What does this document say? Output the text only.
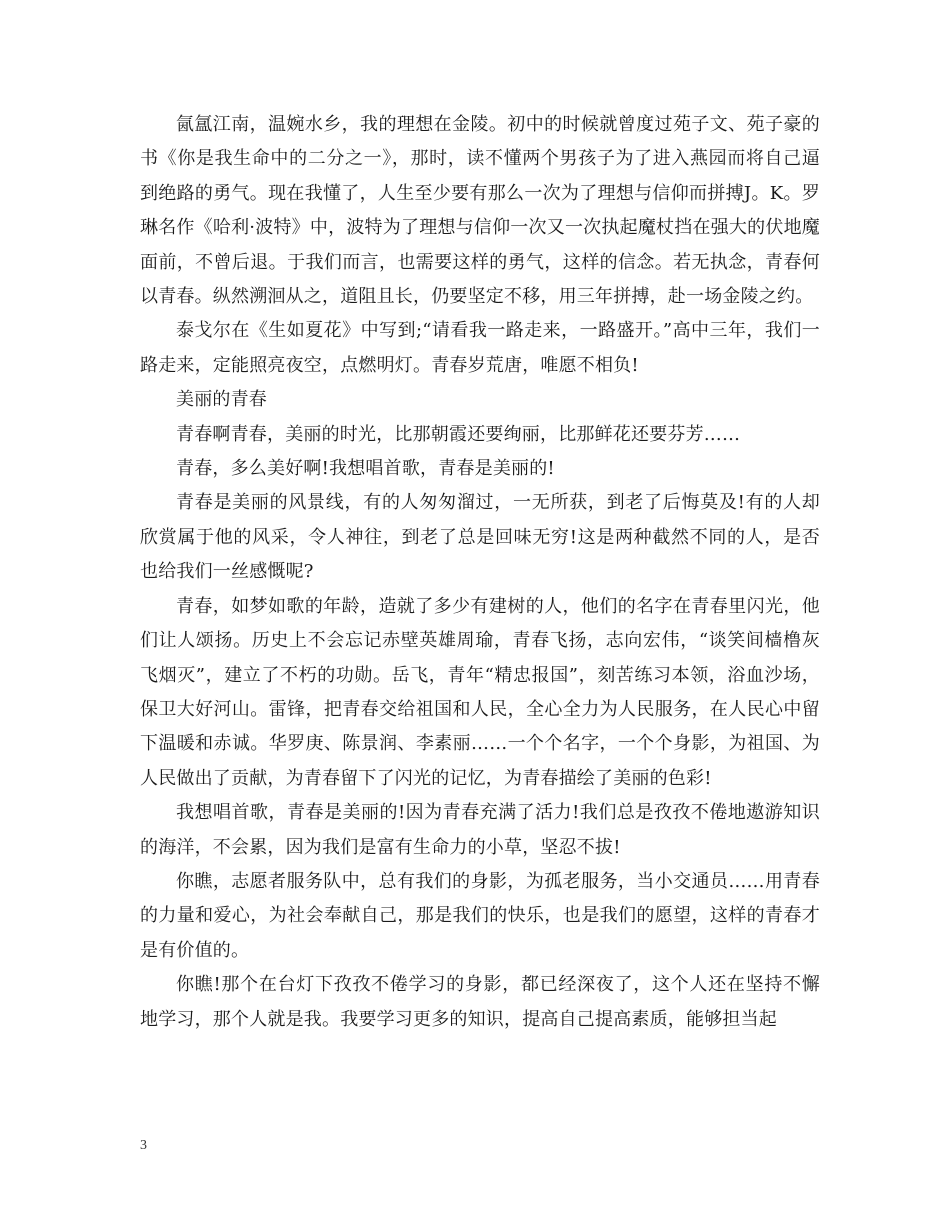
氤氲江南，温婉水乡，我的理想在金陵。初中的时候就曾度过苑子文、苑子豪的书《你是我生命中的二分之一》，那时，读不懂两个男孩子为了进入燕园而将自己逼到绝路的勇气。现在我懂了，人生至少要有那么一次为了理想与信仰而拼搏J。K。罗琳名作《哈利·波特》中，波特为了理想与信仰一次又一次执起魔杖挡在强大的伏地魔面前，不曾后退。于我们而言，也需要这样的勇气，这样的信念。若无执念，青春何以青春。纵然溯洄从之，道阻且长，仍要坚定不移，用三年拼搏，赴一场金陵之约。

泰戈尔在《生如夏花》中写到;“请看我一路走来，一路盛开。”高中三年，我们一路走来，定能照亮夜空，点燃明灯。青春岁荒唐，唯愿不相负!

美丽的青春

青春啊青春，美丽的时光，比那朝霞还要绚丽，比那鲜花还要芬芳……

青春，多么美好啊!我想唱首歌，青春是美丽的!

青春是美丽的风景线，有的人匆匆溜过，一无所获，到老了后悔莫及!有的人却欣赏属于他的风采，令人神往，到老了总是回味无穷!这是两种截然不同的人，是否也给我们一丝感慨呢?

青春，如梦如歌的年龄，造就了多少有建树的人，他们的名字在青春里闪光，他们让人颂扬。历史上不会忘记赤壁英雄周瑜，青春飞扬，志向宏伟，“谈笑间樯橹灰飞烟灭”，建立了不朽的功勋。岳飞，青年“精忠报国”，刻苦练习本领，浴血沙场，保卫大好河山。雷锋，把青春交给祖国和人民，全心全力为人民服务，在人民心中留下温暖和赤诚。华罗庚、陈景润、李素丽……一个个名字，一个个身影，为祖国、为人民做出了贡献，为青春留下了闪光的记忆，为青春描绘了美丽的色彩!

我想唱首歌，青春是美丽的!因为青春充满了活力!我们总是孜孜不倦地遨游知识的海洋，不会累，因为我们是富有生命力的小草，坚忍不拔!

你瞧，志愿者服务队中，总有我们的身影，为孤老服务，当小交通员……用青春的力量和爱心，为社会奉献自己，那是我们的快乐，也是我们的愿望，这样的青春才是有价值的。

你瞧!那个在台灯下孜孜不倦学习的身影，都已经深夜了，这个人还在坚持不懈地学习，那个人就是我。我要学习更多的知识，提高自己提高素质，能够担当起

3
